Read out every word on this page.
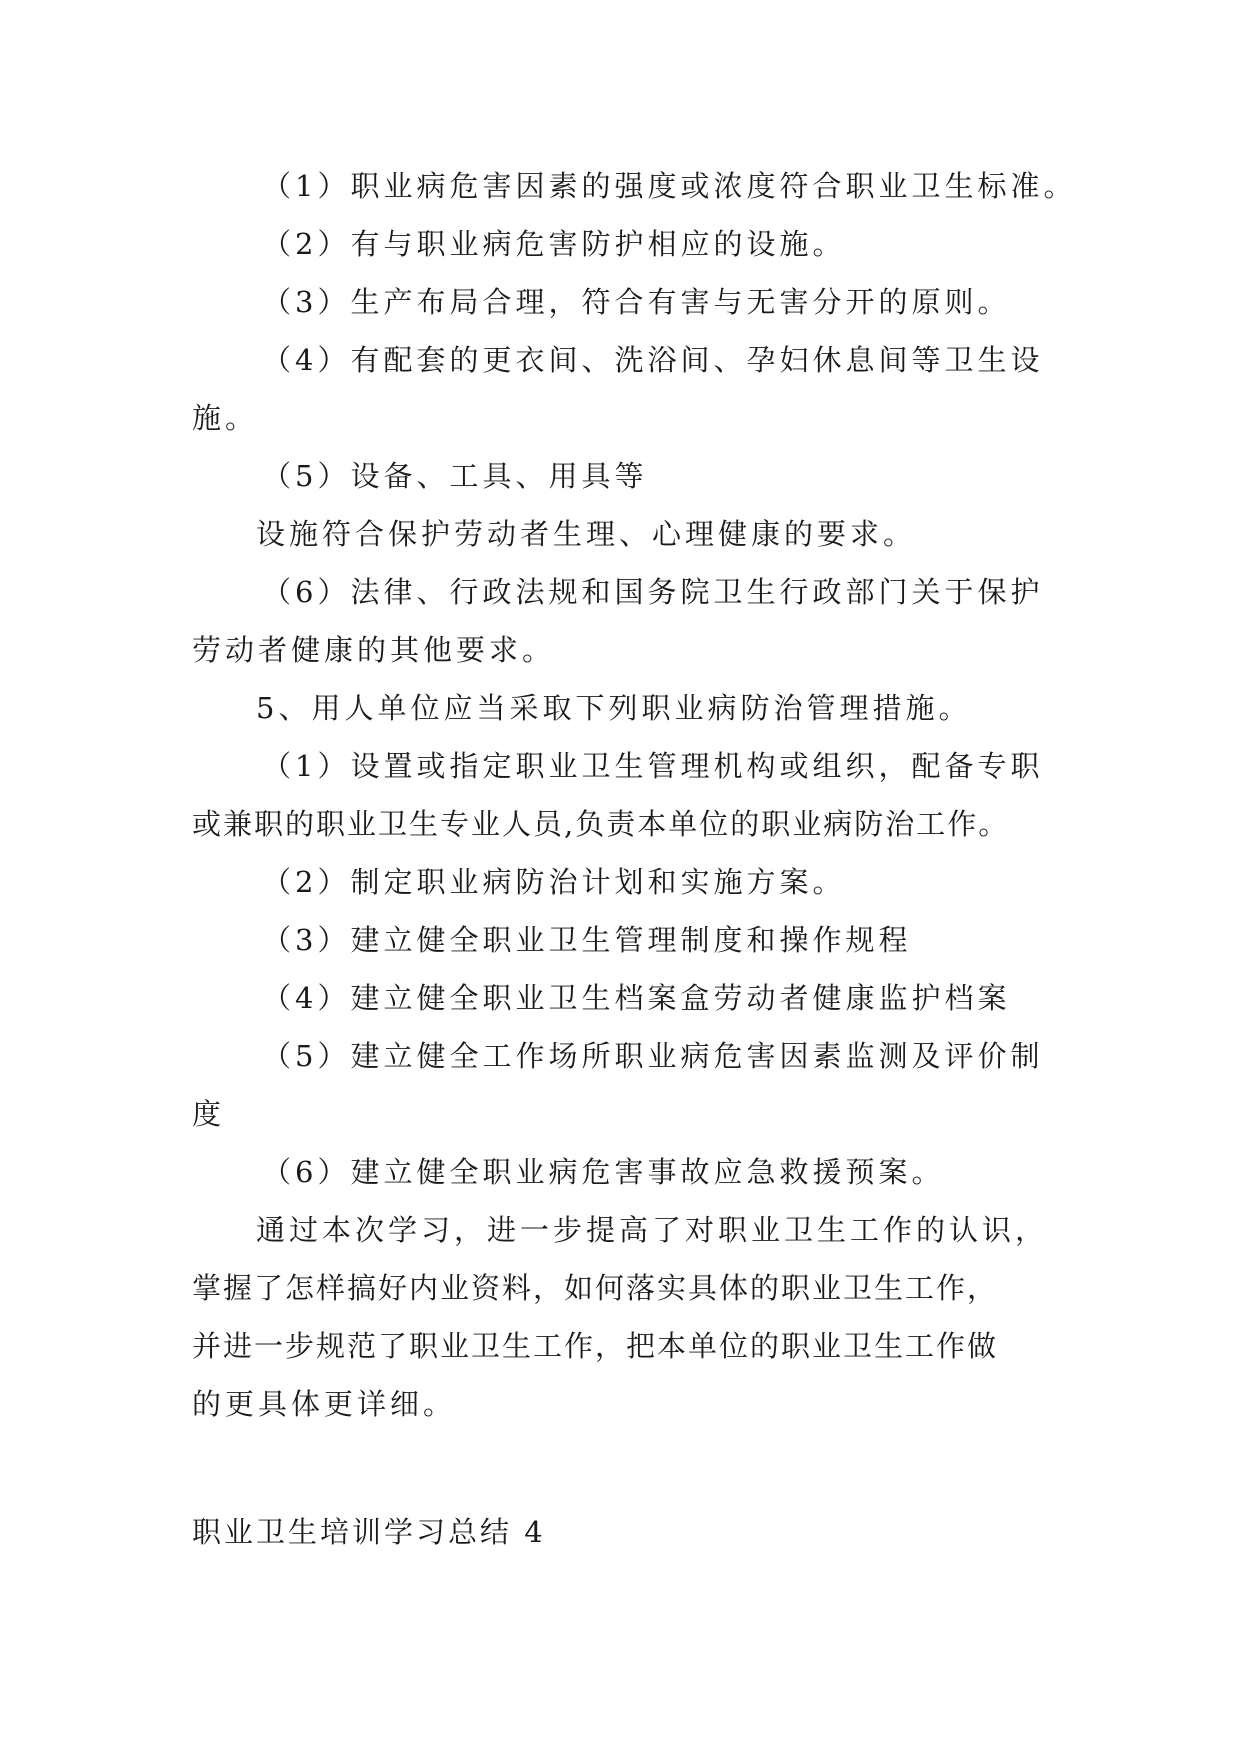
（1）职业病危害因素的强度或浓度符合职业卫生标准。
（2）有与职业病危害防护相应的设施。
（3）生产布局合理，符合有害与无害分开的原则。
（4）有配套的更衣间、洗浴间、孕妇休息间等卫生设
施。
（5）设备、工具、用具等
设施符合保护劳动者生理、心理健康的要求。
（6）法律、行政法规和国务院卫生行政部门关于保护
劳动者健康的其他要求。
5、用人单位应当采取下列职业病防治管理措施。
（1）设置或指定职业卫生管理机构或组织，配备专职
或兼职的职业卫生专业人员,负责本单位的职业病防治工作。
（2）制定职业病防治计划和实施方案。
（3）建立健全职业卫生管理制度和操作规程
（4）建立健全职业卫生档案盒劳动者健康监护档案
（5）建立健全工作场所职业病危害因素监测及评价制
度
（6）建立健全职业病危害事故应急救援预案。
通过本次学习，进一步提高了对职业卫生工作的认识，
掌握了怎样搞好内业资料，如何落实具体的职业卫生工作，
并进一步规范了职业卫生工作，把本单位的职业卫生工作做
的更具体更详细。
职业卫生培训学习总结 4
